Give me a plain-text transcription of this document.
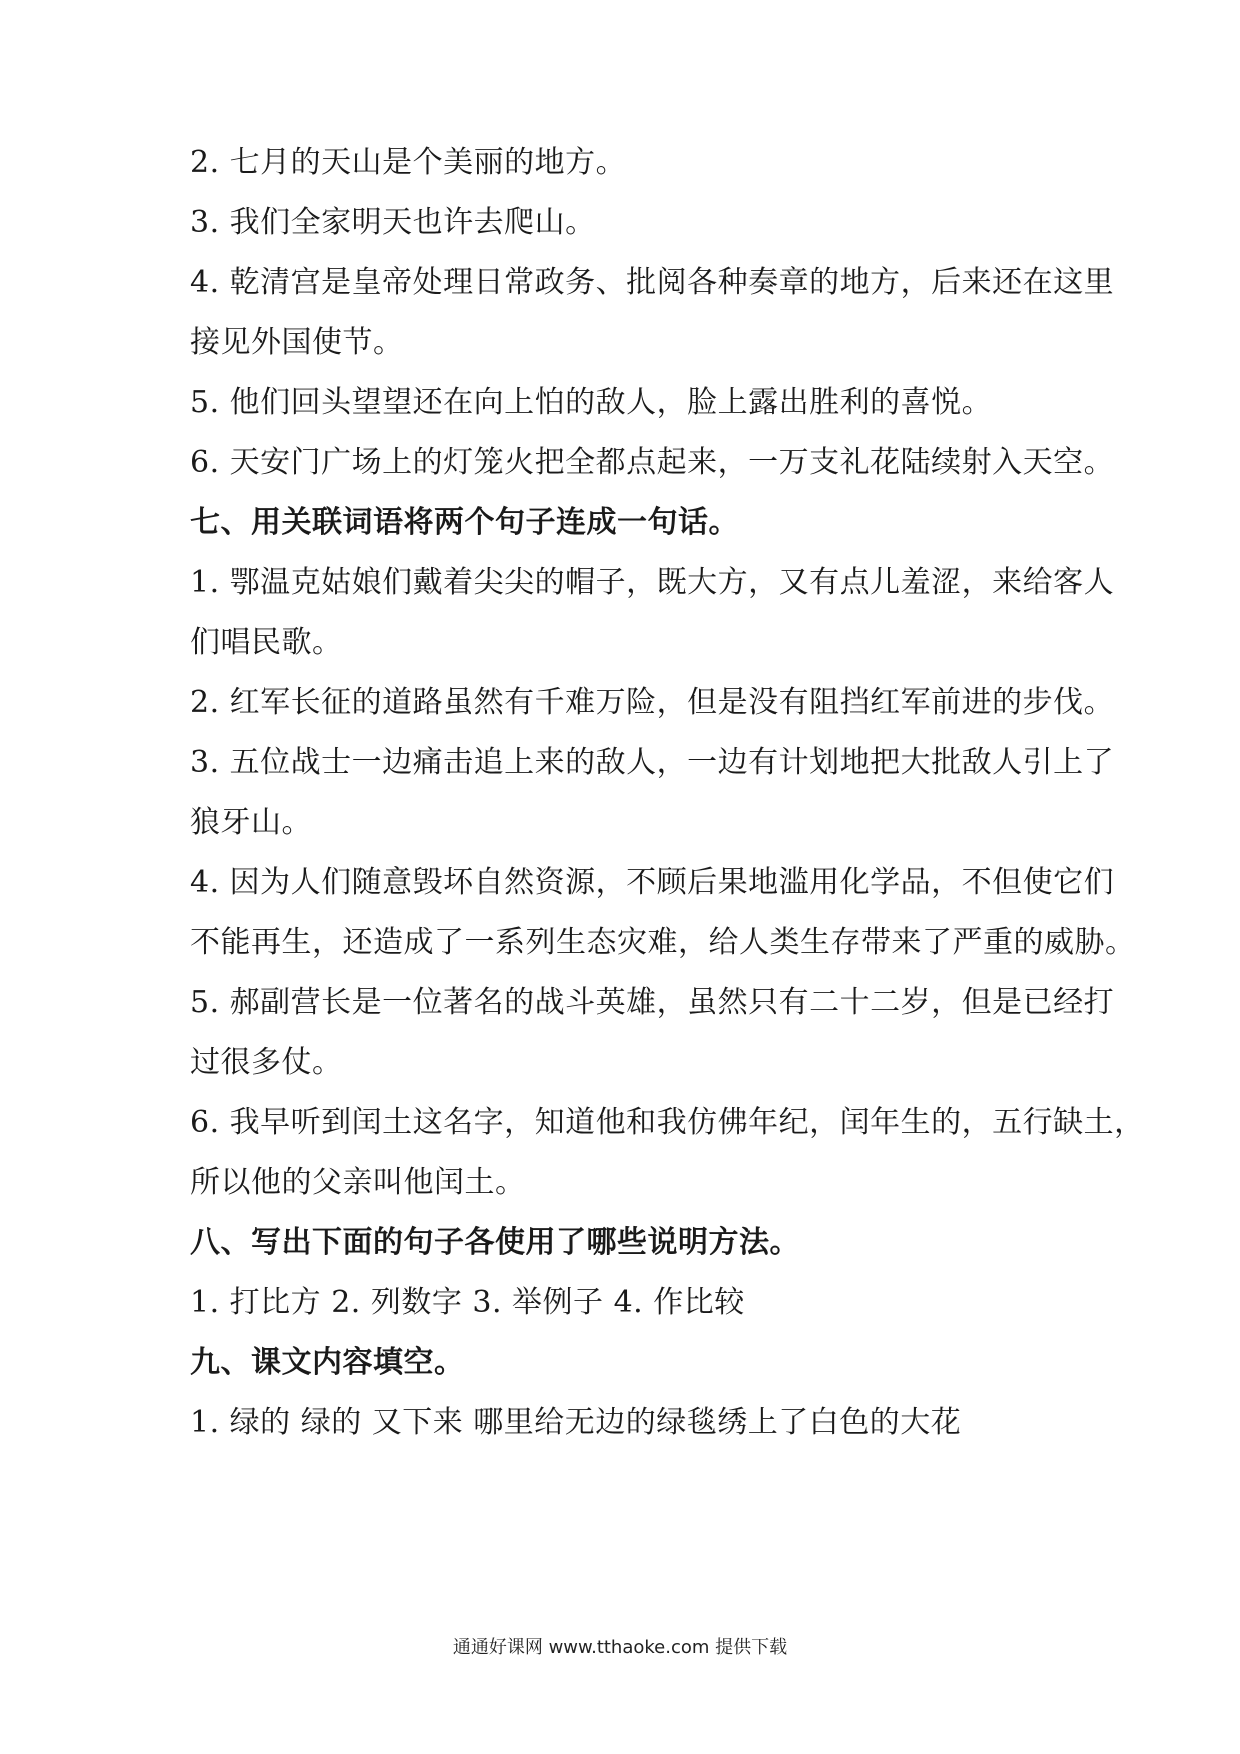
2. 七月的天山是个美丽的地方。
3. 我们全家明天也许去爬山。
4. 乾清宫是皇帝处理日常政务、批阅各种奏章的地方，后来还在这里
接见外国使节。
5. 他们回头望望还在向上怕的敌人，脸上露出胜利的喜悦。
6. 天安门广场上的灯笼火把全都点起来，一万支礼花陆续射入天空。
七、用关联词语将两个句子连成一句话。
1. 鄂温克姑娘们戴着尖尖的帽子，既大方，又有点儿羞涩，来给客人
们唱民歌。
2. 红军长征的道路虽然有千难万险，但是没有阻挡红军前进的步伐。
3. 五位战士一边痛击追上来的敌人，一边有计划地把大批敌人引上了
狼牙山。
4. 因为人们随意毁坏自然资源，不顾后果地滥用化学品，不但使它们
不能再生，还造成了一系列生态灾难，给人类生存带来了严重的威胁。
5. 郝副营长是一位著名的战斗英雄，虽然只有二十二岁，但是已经打
过很多仗。
6. 我早听到闰土这名字，知道他和我仿佛年纪，闰年生的，五行缺土，
所以他的父亲叫他闰土。
八、写出下面的句子各使用了哪些说明方法。
1. 打比方 2. 列数字 3. 举例子 4. 作比较
九、课文内容填空。
1. 绿的 绿的 又下来 哪里给无边的绿毯绣上了白色的大花
通通好课网 www.tthaoke.com 提供下载
